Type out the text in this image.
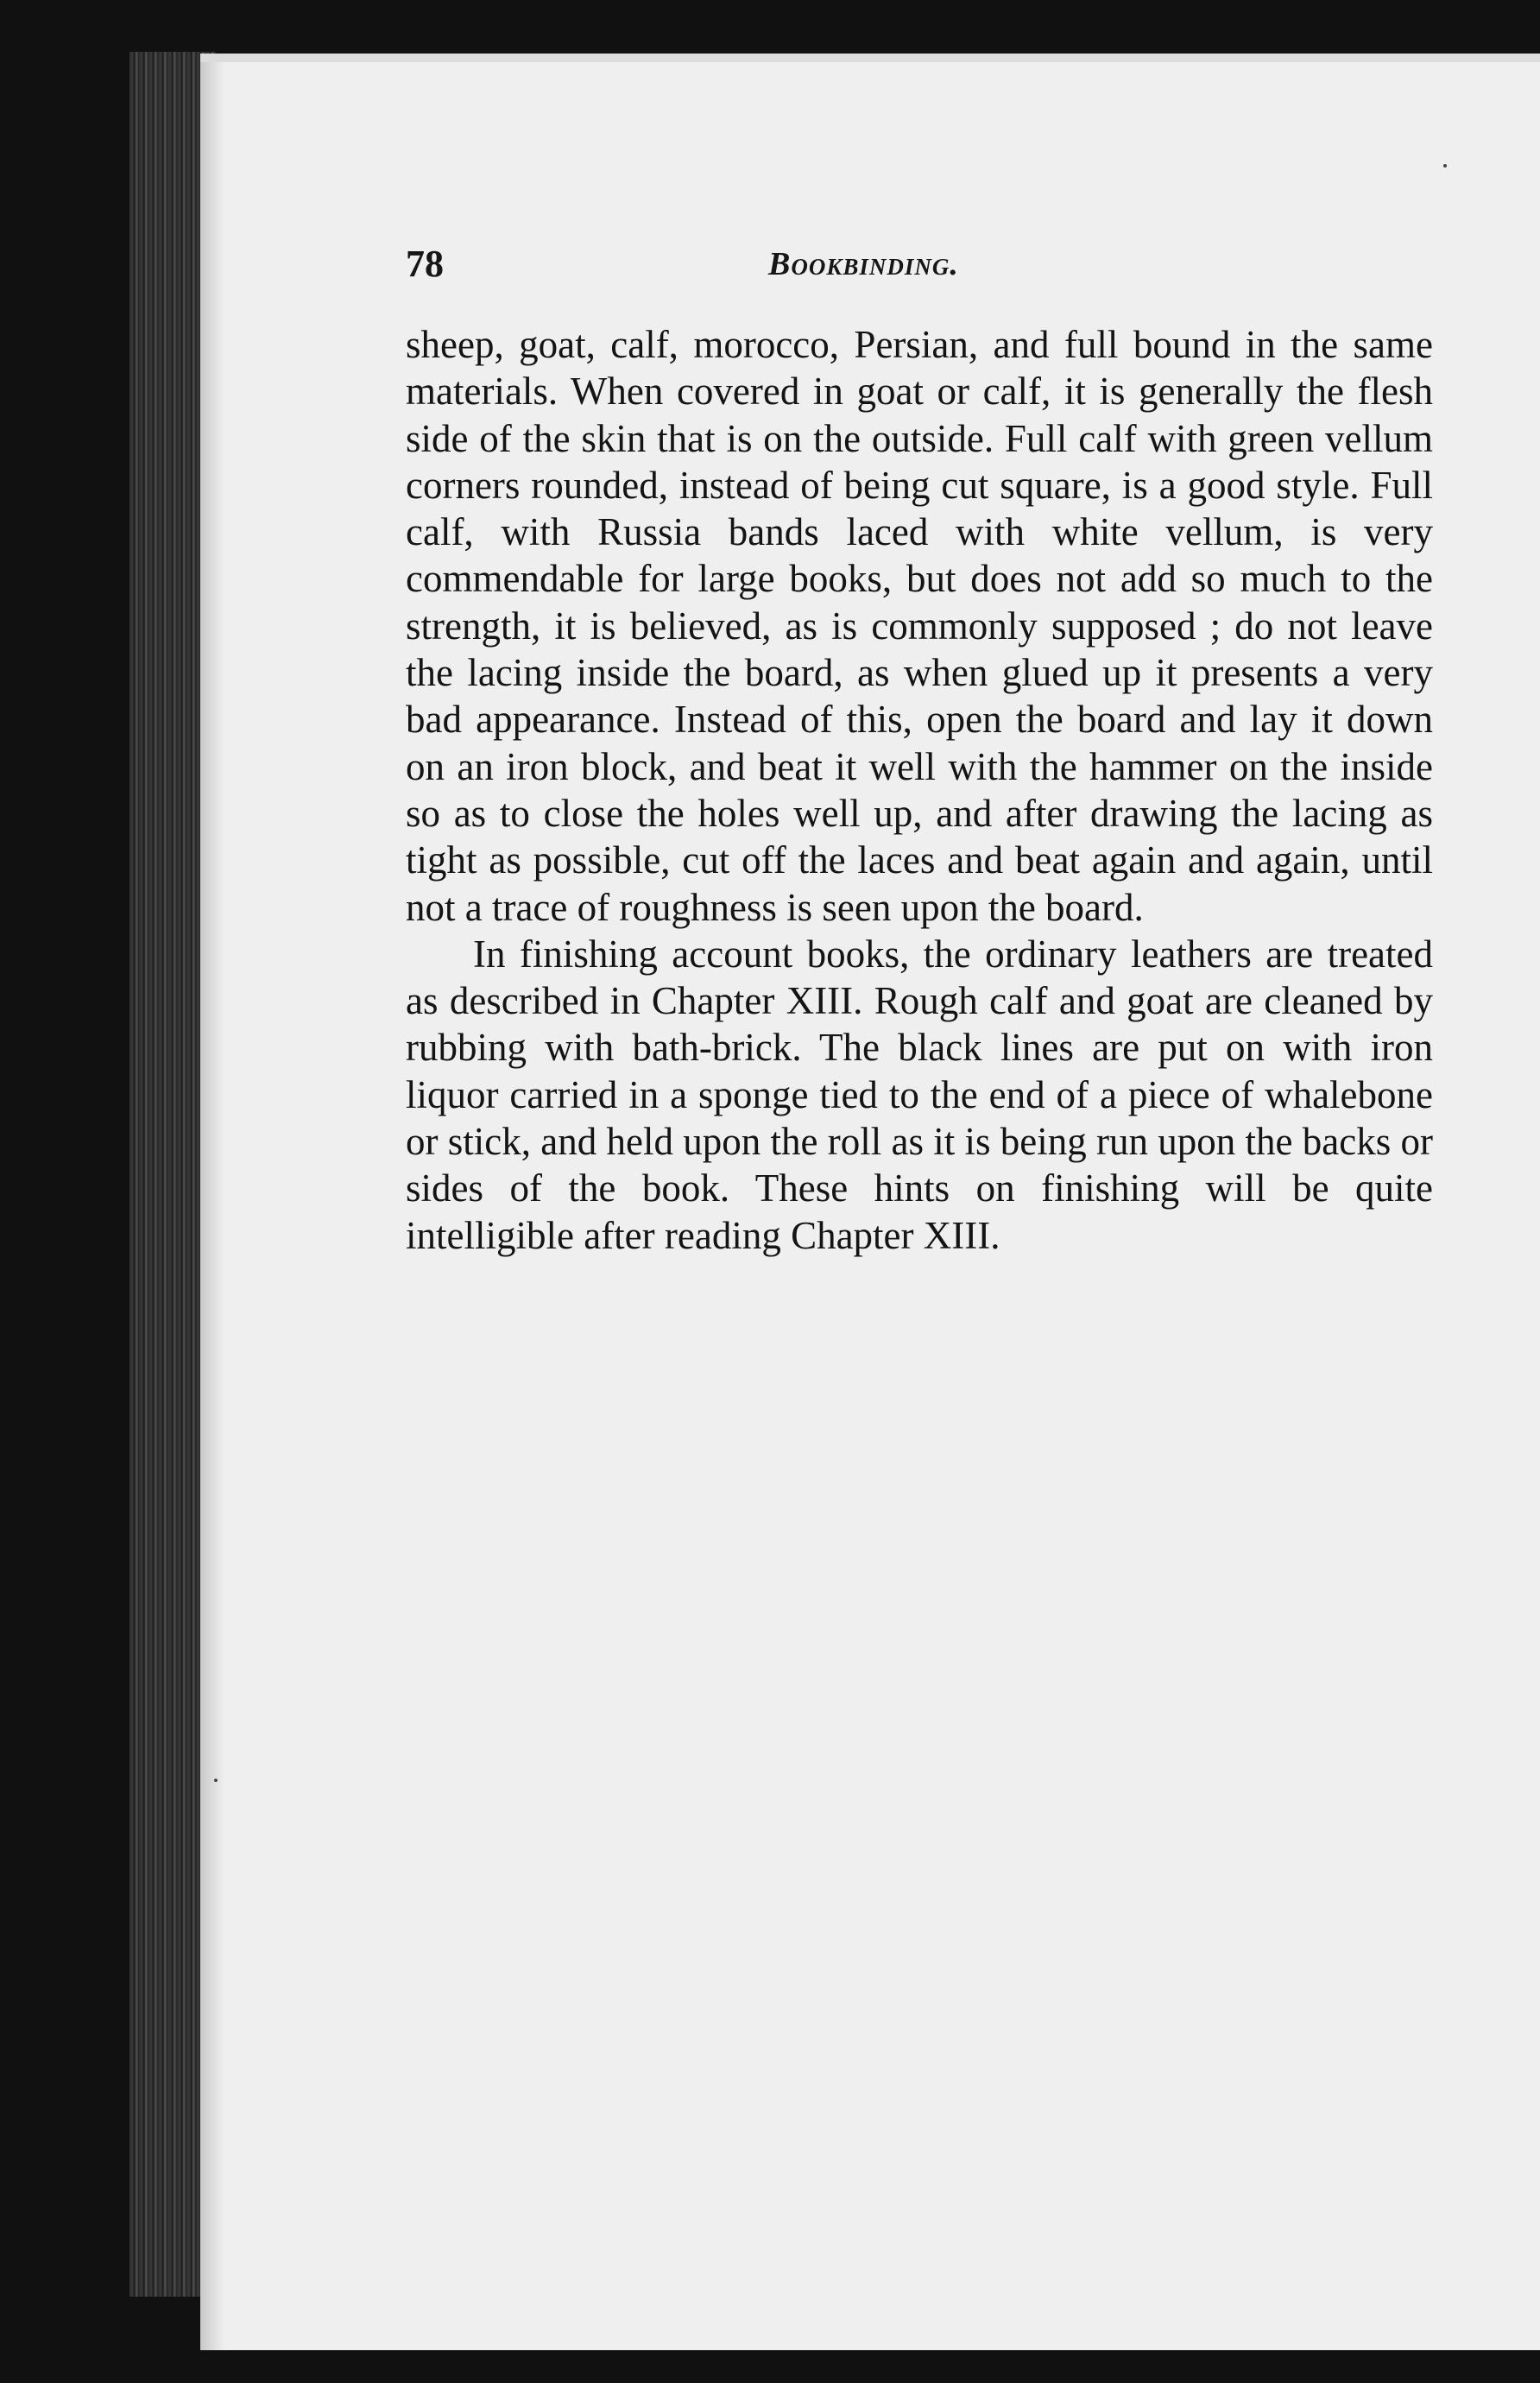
78	Bookbinding.

sheep, goat, calf, morocco, Persian, and full bound in the same materials. When covered in goat or calf, it is generally the flesh side of the skin that is on the outside. Full calf with green vellum corners rounded, instead of being cut square, is a good style. Full calf, with Russia bands laced with white vellum, is very commendable for large books, but does not add so much to the strength, it is believed, as is commonly supposed ; do not leave the lacing inside the board, as when glued up it presents a very bad appearance. Instead of this, open the board and lay it down on an iron block, and beat it well with the hammer on the inside so as to close the holes well up, and after drawing the lacing as tight as possible, cut off the laces and beat again and again, until not a trace of roughness is seen upon the board.

In finishing account books, the ordinary leathers are treated as described in Chapter XIII. Rough calf and goat are cleaned by rubbing with bath-brick. The black lines are put on with iron liquor carried in a sponge tied to the end of a piece of whalebone or stick, and held upon the roll as it is being run upon the backs or sides of the book. These hints on finishing will be quite intelligible after reading Chapter XIII.
